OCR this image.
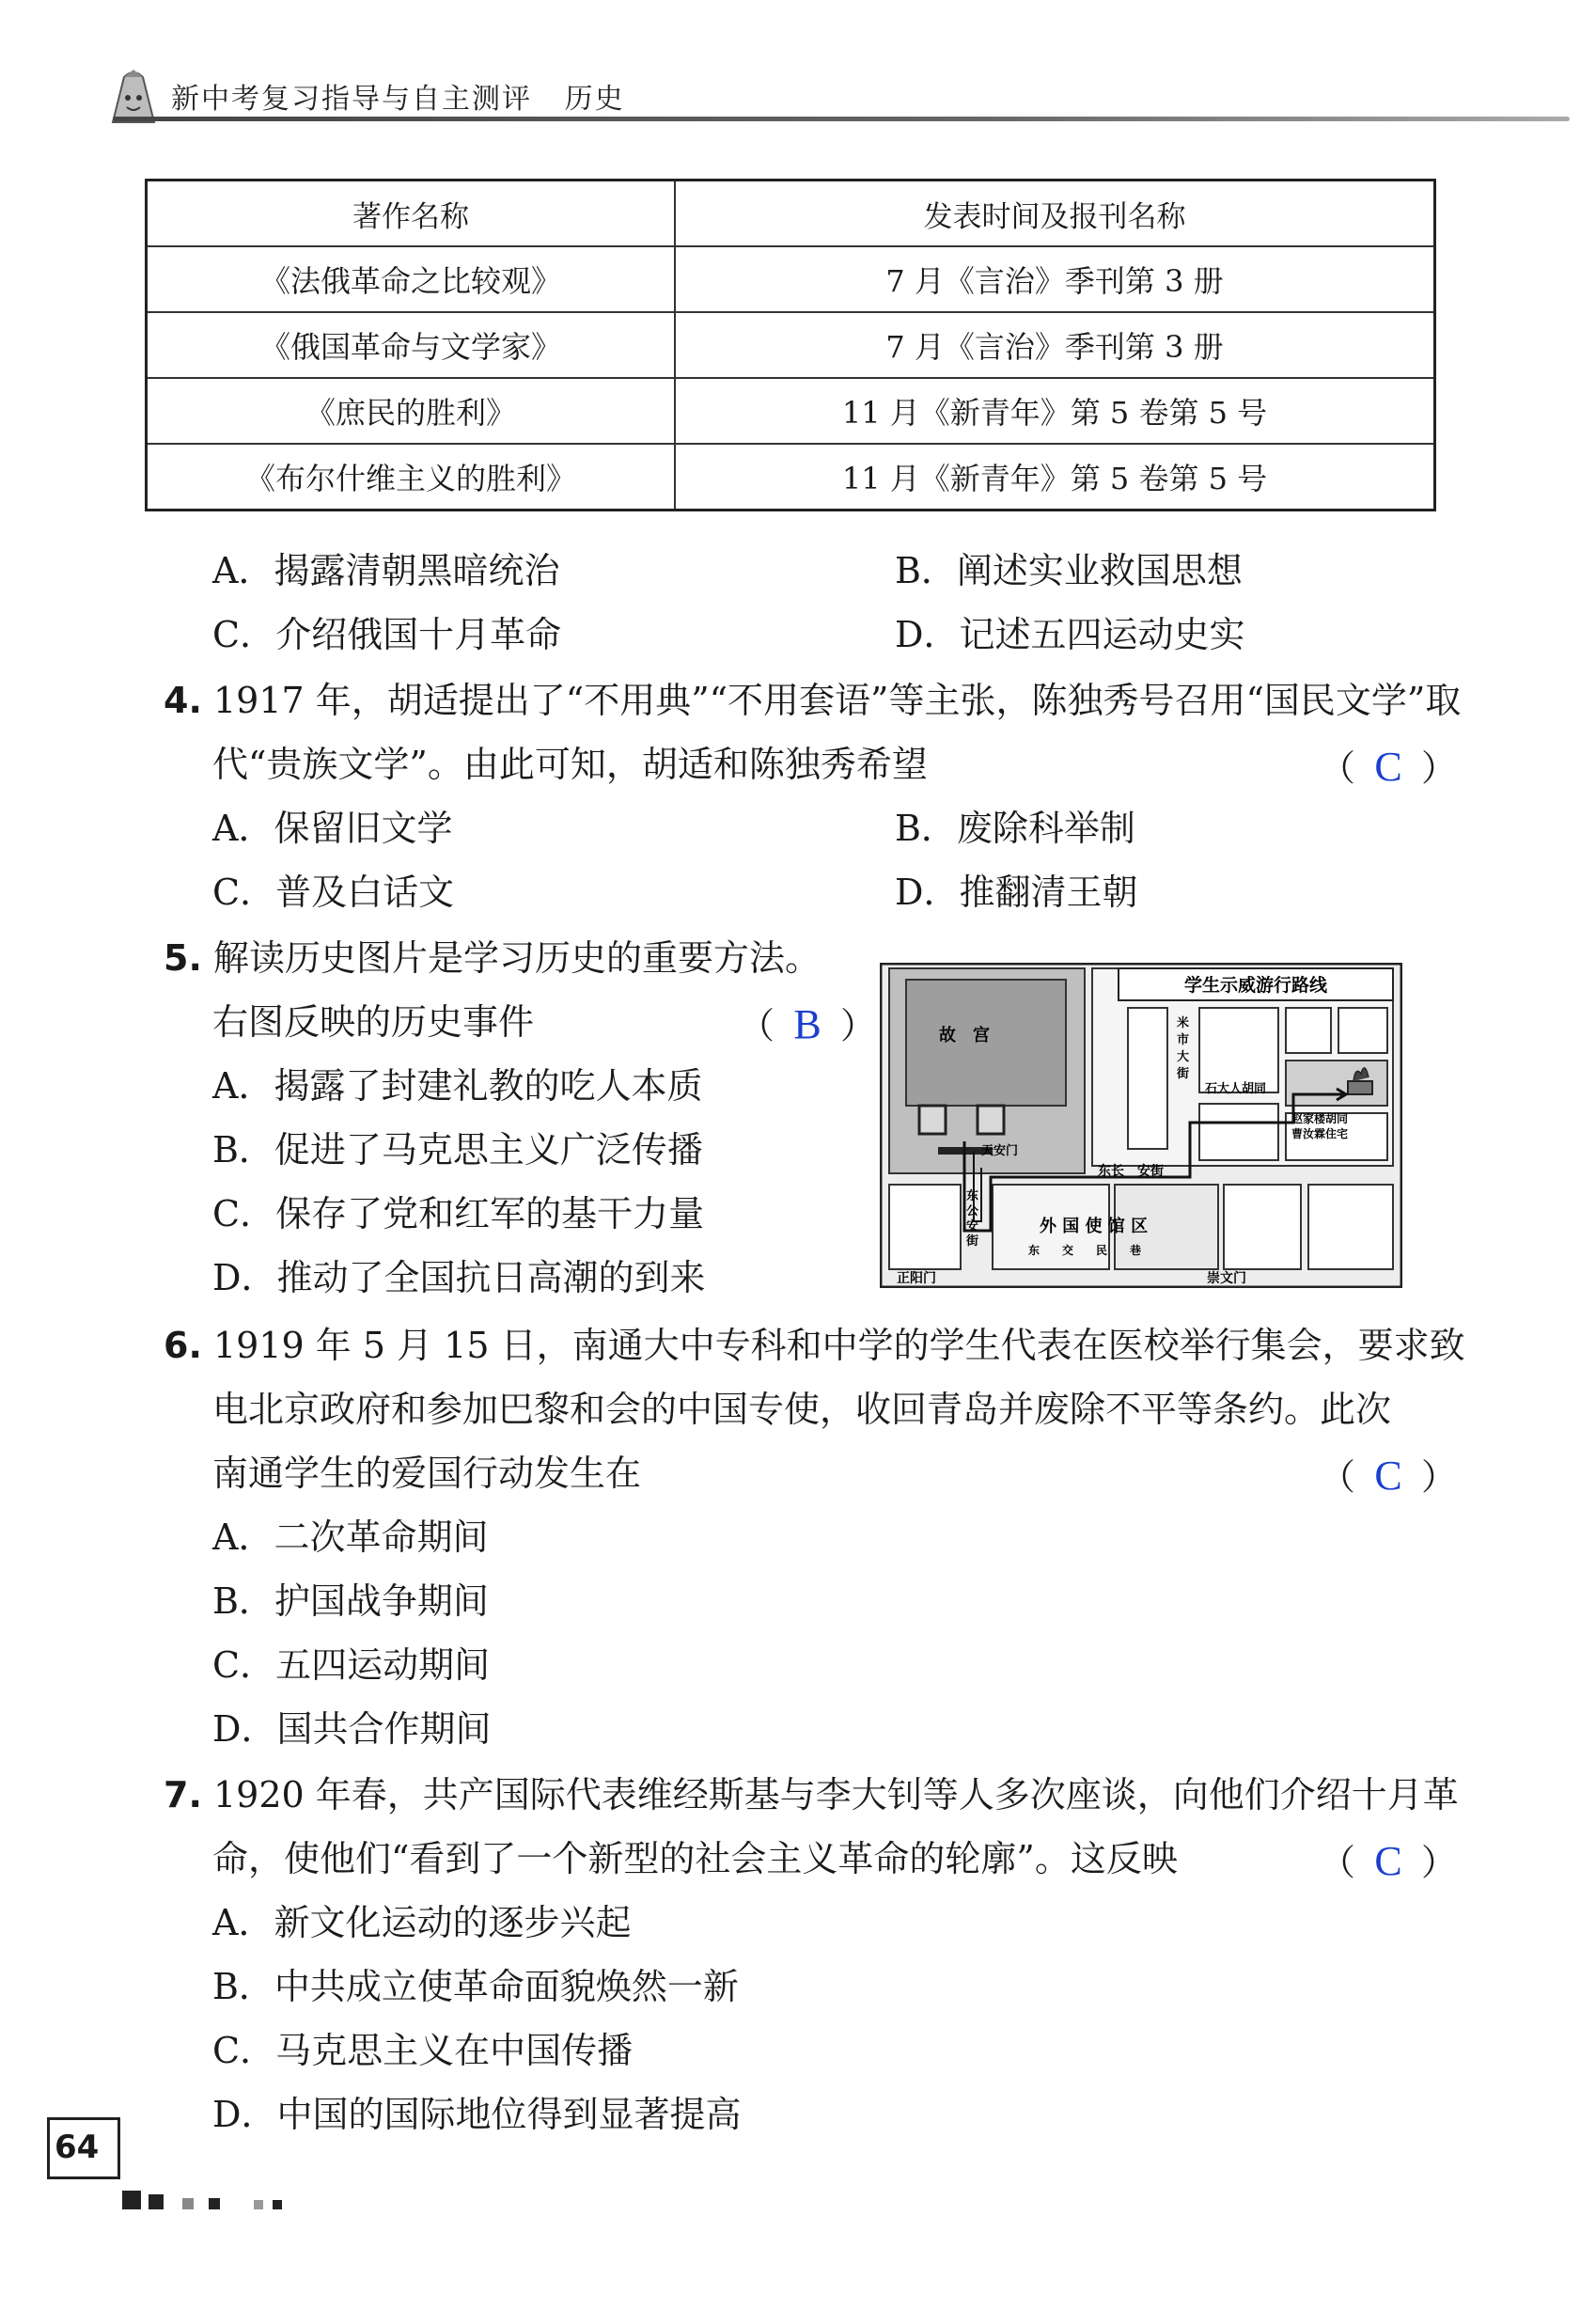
新中考复习指导与自主测评 历史
著作名称	发表时间及报刊名称
《法俄革命之比较观》	7 月《言治》季刊第 3 册
《俄国革命与文学家》	7 月《言治》季刊第 3 册
《庶民的胜利》	11 月《新青年》第 5 卷第 5 号
《布尔什维主义的胜利》	11 月《新青年》第 5 卷第 5 号
A．揭露清朝黑暗统治	B．阐述实业救国思想
C．介绍俄国十月革命	D．记述五四运动史实
4. 1917 年，胡适提出了“不用典”“不用套语”等主张，陈独秀号召用“国民文学”取
代“贵族文学”。由此可知，胡适和陈独秀希望	（ C ）
A．保留旧文学	B．废除科举制
C．普及白话文	D．推翻清王朝
5. 解读历史图片是学习历史的重要方法。
右图反映的历史事件	（ B ）
A．揭露了封建礼教的吃人本质
B．促进了马克思主义广泛传播
C．保存了党和红军的基干力量
D．推动了全国抗日高潮的到来
故　宫
天安门
学生示威游行路线
米 市 大 街
石大人胡同
赵家楼胡同 曹汝霖住宅
东长　安街
东 公 安 街
外 国 使 馆 区
东　　交　　民　　巷
正阳门	崇文门
6. 1919 年 5 月 15 日，南通大中专科和中学的学生代表在医校举行集会，要求致
电北京政府和参加巴黎和会的中国专使，收回青岛并废除不平等条约。此次
南通学生的爱国行动发生在	（ C ）
A．二次革命期间
B．护国战争期间
C．五四运动期间
D．国共合作期间
7. 1920 年春，共产国际代表维经斯基与李大钊等人多次座谈，向他们介绍十月革
命，使他们“看到了一个新型的社会主义革命的轮廓”。这反映	（ C ）
A．新文化运动的逐步兴起
B．中共成立使革命面貌焕然一新
C．马克思主义在中国传播
D．中国的国际地位得到显著提高
64
